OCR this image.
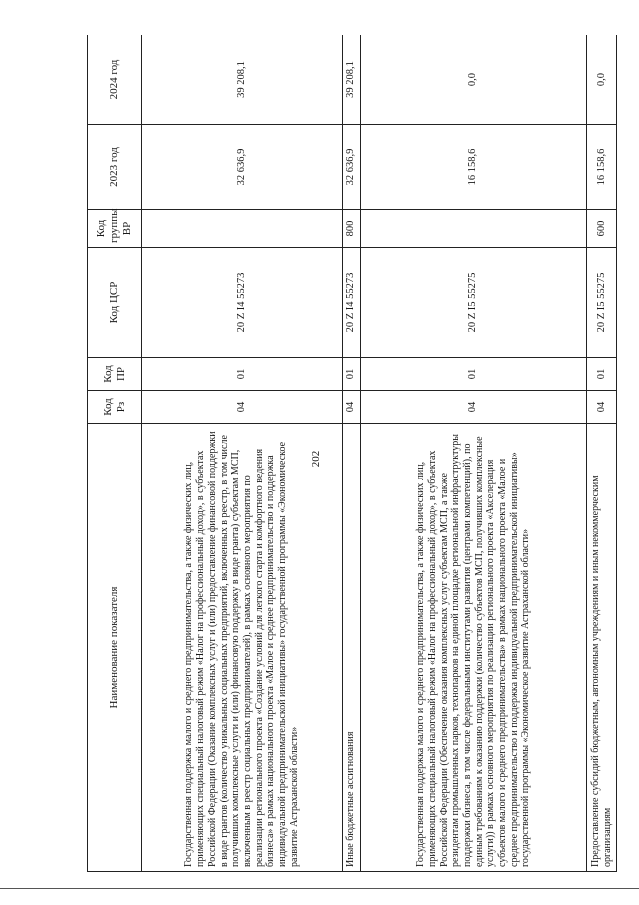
202
Наименование показателя	Код Рз	Код ПР	Код ЦСР	Код группы ВР	2023 год	2024 год
Государственная поддержка малого и среднего предпринимательства, а также физических лиц, применяющих специальный налоговый режим «Налог на профессиональный доход», в субъектах Российской Федерации (Оказание комплексных услуг и (или) предоставление финансовой поддержки в виде грантов (количество уникальных социальных предприятий, включенных в реестр, в том числе получивших комплексные услуги и (или) финансовую поддержку в виде гранта) субъектам МСП, включенным в реестр социальных предпринимателей), в рамках основного мероприятия по реализации регионального проекта «Создание условий для легкого старта и комфортного ведения бизнеса» в рамках национального проекта «Малое и среднее предпринимательство и поддержка индивидуальной предпринимательской инициативы» государственной программы «Экономическое развитие Астраханской области»	04	01	20 Z I4 55273		32 636,9	39 208,1
Иные бюджетные ассигнования	04	01	20 Z I4 55273	800	32 636,9	39 208,1
Государственная поддержка малого и среднего предпринимательства, а также физических лиц, применяющих специальный налоговый режим «Налог на профессиональный доход», в субъектах Российской Федерации (Обеспечение оказания комплексных услуг субъектам МСП, а также резидентам промышленных парков, технопарков на единой площадке региональной инфраструктуры поддержки бизнеса, в том числе федеральными институтами развития (центрами компетенций), по единым требованиям к оказанию поддержки (количество субъектов МСП, получивших комплексные услуги)) в рамках основного мероприятия по реализации регионального проекта «Акселерация субъектов малого и среднего предпринимательства» в рамках национального проекта «Малое и среднее предпринимательство и поддержка индивидуальной предпринимательской инициативы» государственной программы «Экономическое развитие Астраханской области»	04	01	20 Z I5 55275		16 158,6	0,0
Предоставление субсидий бюджетным, автономным учреждениям и иным некоммерческим организациям	04	01	20 Z I5 55275	600	16 158,6	0,0
